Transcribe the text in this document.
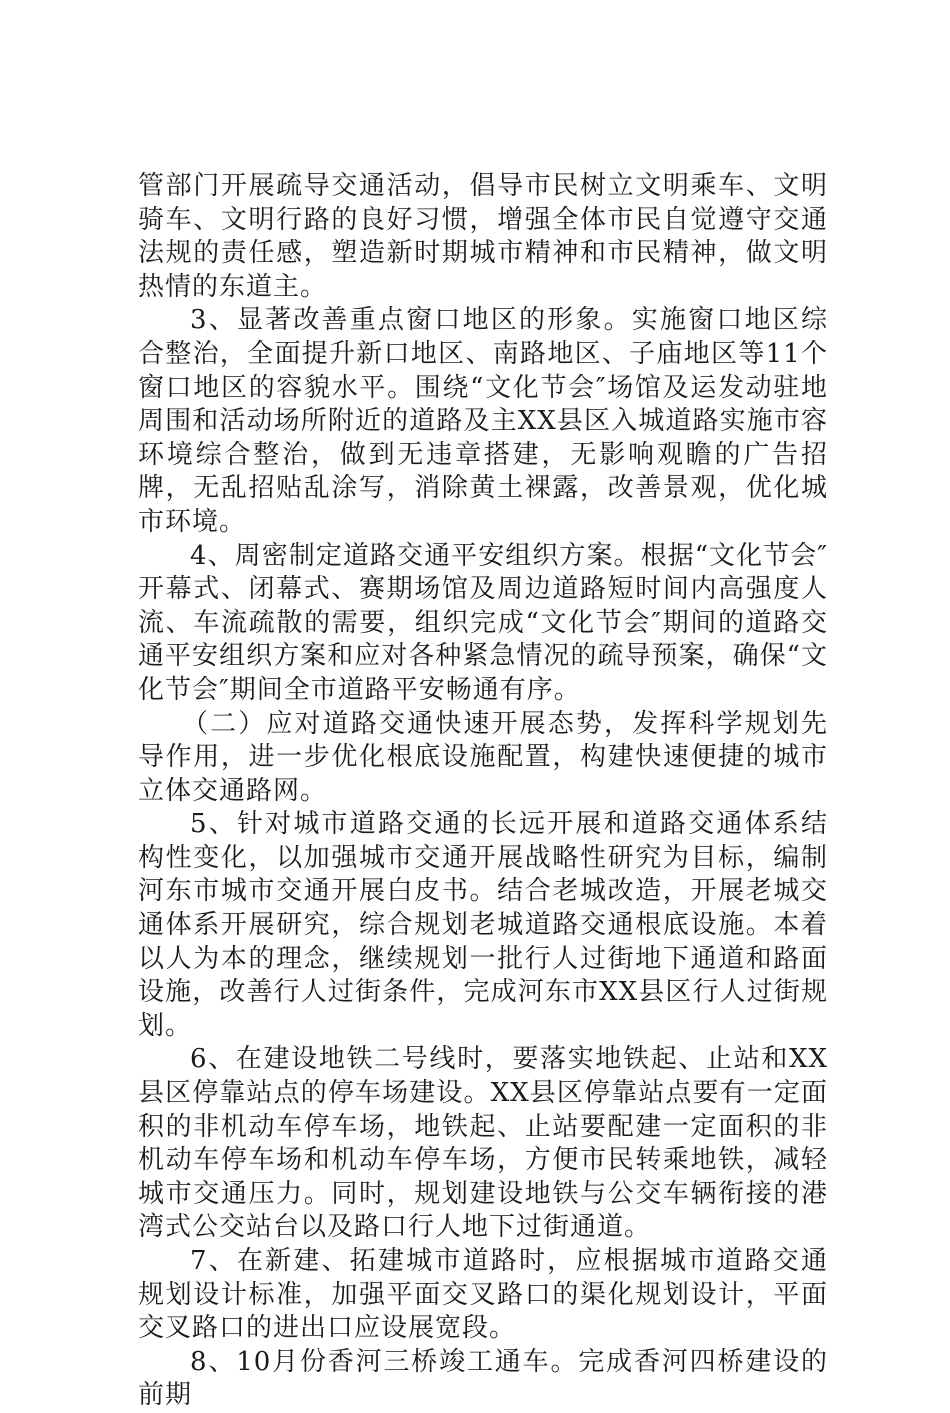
管部门开展疏导交通活动，倡导市民树立文明乘车、文明骑车、文明行路的良好习惯，增强全体市民自觉遵守交通法规的责任感，塑造新时期城市精神和市民精神，做文明热情的东道主。

3、显著改善重点窗口地区的形象。实施窗口地区综合整治，全面提升新口地区、南路地区、子庙地区等11个窗口地区的容貌水平。围绕“文化节会″场馆及运发动驻地周围和活动场所附近的道路及主XX县区入城道路实施市容环境综合整治，做到无违章搭建，无影响观瞻的广告招牌，无乱招贴乱涂写，消除黄土裸露，改善景观，优化城市环境。

4、周密制定道路交通平安组织方案。根据“文化节会″开幕式、闭幕式、赛期场馆及周边道路短时间内高强度人流、车流疏散的需要，组织完成“文化节会″期间的道路交通平安组织方案和应对各种紧急情况的疏导预案，确保“文化节会″期间全市道路平安畅通有序。

（二）应对道路交通快速开展态势，发挥科学规划先导作用，进一步优化根底设施配置，构建快速便捷的城市立体交通路网。

5、针对城市道路交通的长远开展和道路交通体系结构性变化，以加强城市交通开展战略性研究为目标，编制河东市城市交通开展白皮书。结合老城改造，开展老城交通体系开展研究，综合规划老城道路交通根底设施。本着以人为本的理念，继续规划一批行人过街地下通道和路面设施，改善行人过街条件，完成河东市XX县区行人过街规划。

6、在建设地铁二号线时，要落实地铁起、止站和XX县区停靠站点的停车场建设。XX县区停靠站点要有一定面积的非机动车停车场，地铁起、止站要配建一定面积的非机动车停车场和机动车停车场，方便市民转乘地铁，减轻城市交通压力。同时，规划建设地铁与公交车辆衔接的港湾式公交站台以及路口行人地下过街通道。

7、在新建、拓建城市道路时，应根据城市道路交通规划设计标准，加强平面交叉路口的渠化规划设计，平面交叉路口的进出口应设展宽段。

8、10月份香河三桥竣工通车。完成香河四桥建设的前期
